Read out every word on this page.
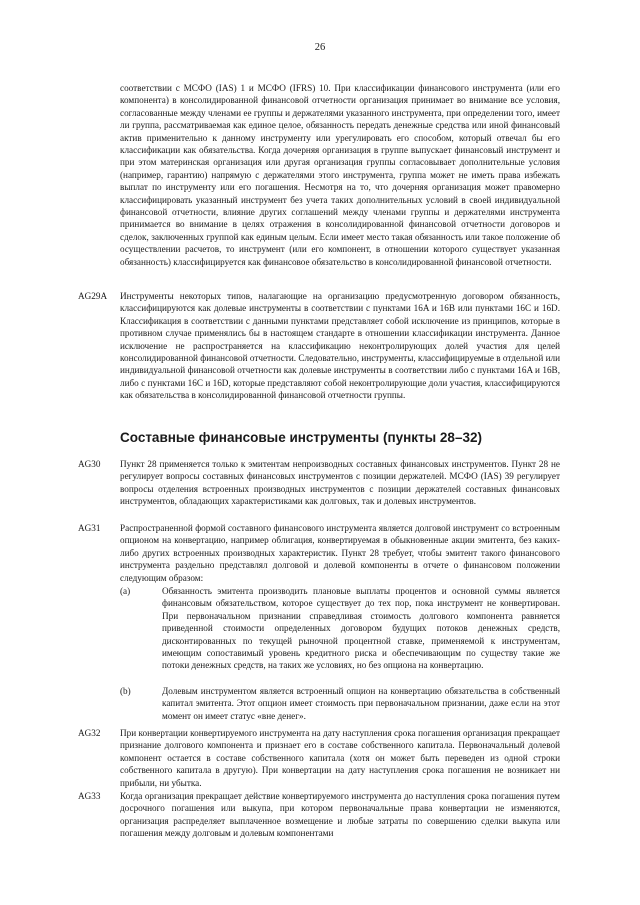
26
соответствии с МСФО (IAS) 1 и МСФО (IFRS) 10. При классификации финансового инструмента (или его компонента) в консолидированной финансовой отчетности организация принимает во внимание все условия, согласованные между членами ее группы и держателями указанного инструмента, при определении того, имеет ли группа, рассматриваемая как единое целое, обязанность передать денежные средства или иной финансовый актив применительно к данному инструменту или урегулировать его способом, который отвечал бы его классификации как обязательства. Когда дочерняя организация в группе выпускает финансовый инструмент и при этом материнская организация или другая организация группы согласовывает дополнительные условия (например, гарантию) напрямую с держателями этого инструмента, группа может не иметь права избежать выплат по инструменту или его погашения. Несмотря на то, что дочерняя организация может правомерно классифицировать указанный инструмент без учета таких дополнительных условий в своей индивидуальной финансовой отчетности, влияние других соглашений между членами группы и держателями инструмента принимается во внимание в целях отражения в консолидированной финансовой отчетности договоров и сделок, заключенных группой как единым целым. Если имеет место такая обязанность или такое положение об осуществлении расчетов, то инструмент (или его компонент, в отношении которого существует указанная обязанность) классифицируется как финансовое обязательство в консолидированной финансовой отчетности.
AG29A Инструменты некоторых типов, налагающие на организацию предусмотренную договором обязанность, классифицируются как долевые инструменты в соответствии с пунктами 16A и 16B или пунктами 16C и 16D. Классификация в соответствии с данными пунктами представляет собой исключение из принципов, которые в противном случае применялись бы в настоящем стандарте в отношении классификации инструмента. Данное исключение не распространяется на классификацию неконтролирующих долей участия для целей консолидированной финансовой отчетности. Следовательно, инструменты, классифицируемые в отдельной или индивидуальной финансовой отчетности как долевые инструменты в соответствии либо с пунктами 16A и 16B, либо с пунктами 16C и 16D, которые представляют собой неконтролирующие доли участия, классифицируются как обязательства в консолидированной финансовой отчетности группы.
Составные финансовые инструменты (пункты 28–32)
AG30 Пункт 28 применяется только к эмитентам непроизводных составных финансовых инструментов. Пункт 28 не регулирует вопросы составных финансовых инструментов с позиции держателей. МСФО (IAS) 39 регулирует вопросы отделения встроенных производных инструментов с позиции держателей составных финансовых инструментов, обладающих характеристиками как долговых, так и долевых инструментов.
AG31 Распространенной формой составного финансового инструмента является долговой инструмент со встроенным опционом на конвертацию, например облигация, конвертируемая в обыкновенные акции эмитента, без каких-либо других встроенных производных характеристик. Пункт 28 требует, чтобы эмитент такого финансового инструмента раздельно представлял долговой и долевой компоненты в отчете о финансовом положении следующим образом:
(a)	Обязанность эмитента производить плановые выплаты процентов и основной суммы является финансовым обязательством, которое существует до тех пор, пока инструмент не конвертирован. При первоначальном признании справедливая стоимость долгового компонента равняется приведенной стоимости определенных договором будущих потоков денежных средств, дисконтированных по текущей рыночной процентной ставке, применяемой к инструментам, имеющим сопоставимый уровень кредитного риска и обеспечивающим по существу такие же потоки денежных средств, на таких же условиях, но без опциона на конвертацию.
(b)	Долевым инструментом является встроенный опцион на конвертацию обязательства в собственный капитал эмитента. Этот опцион имеет стоимость при первоначальном признании, даже если на этот момент он имеет статус «вне денег».
AG32 При конвертации конвертируемого инструмента на дату наступления срока погашения организация прекращает признание долгового компонента и признает его в составе собственного капитала. Первоначальный долевой компонент остается в составе собственного капитала (хотя он может быть переведен из одной строки собственного капитала в другую). При конвертации на дату наступления срока погашения не возникает ни прибыли, ни убытка.
AG33 Когда организация прекращает действие конвертируемого инструмента до наступления срока погашения путем досрочного погашения или выкупа, при котором первоначальные права конвертации не изменяются, организация распределяет выплаченное возмещение и любые затраты по совершению сделки выкупа или погашения между долговым и долевым компонентами
